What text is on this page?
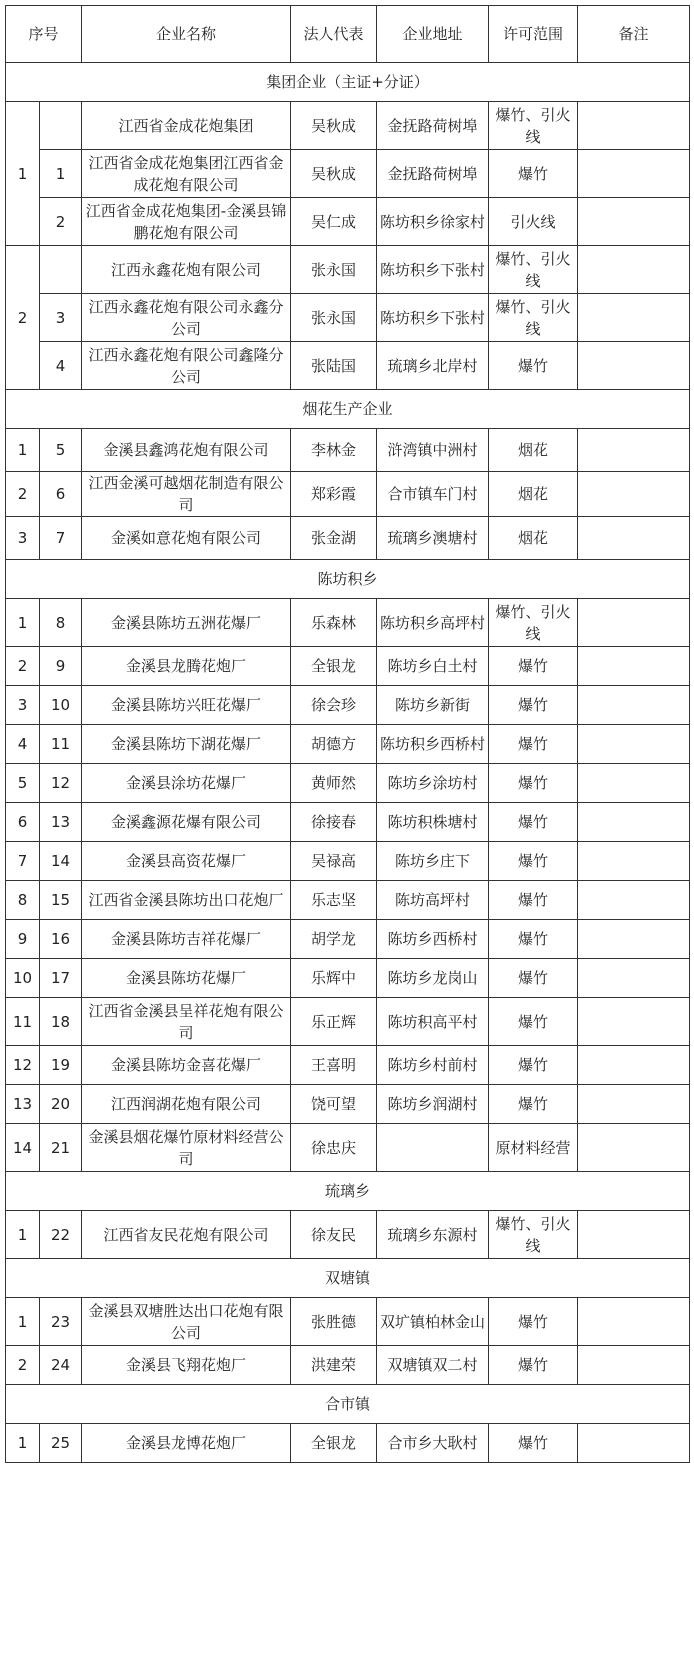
序号		企业名称	法人代表	企业地址	许可范围	备注
集团企业（主证+分证）						
1		江西省金成花炮集团	吴秋成	金抚路荷树埠	爆竹、引火线	
	1	江西省金成花炮集团江西省金成花炮有限公司	吴秋成	金抚路荷树埠	爆竹	
	2	江西省金成花炮集团-金溪县锦鹏花炮有限公司	吴仁成	陈坊积乡徐家村	引火线	
2		江西永鑫花炮有限公司	张永国	陈坊积乡下张村	爆竹、引火线	
	3	江西永鑫花炮有限公司永鑫分公司	张永国	陈坊积乡下张村	爆竹、引火线	
	4	江西永鑫花炮有限公司鑫隆分公司	张陆国	琉璃乡北岸村	爆竹	
烟花生产企业						
1	5	金溪县鑫鸿花炮有限公司	李林金	浒湾镇中洲村	烟花	
2	6	江西金溪可越烟花制造有限公司	郑彩霞	合市镇车门村	烟花	
3	7	金溪如意花炮有限公司	张金湖	琉璃乡澳塘村	烟花	
陈坊积乡						
1	8	金溪县陈坊五洲花爆厂	乐森林	陈坊积乡高坪村	爆竹、引火线	
2	9	金溪县龙腾花炮厂	全银龙	陈坊乡白土村	爆竹	
3	10	金溪县陈坊兴旺花爆厂	徐会珍	陈坊乡新街	爆竹	
4	11	金溪县陈坊下湖花爆厂	胡德方	陈坊积乡西桥村	爆竹	
5	12	金溪县涂坊花爆厂	黄师然	陈坊乡涂坊村	爆竹	
6	13	金溪鑫源花爆有限公司	徐接春	陈坊积株塘村	爆竹	
7	14	金溪县高资花爆厂	吴禄高	陈坊乡庄下	爆竹	
8	15	江西省金溪县陈坊出口花炮厂	乐志坚	陈坊高坪村	爆竹	
9	16	金溪县陈坊吉祥花爆厂	胡学龙	陈坊乡西桥村	爆竹	
10	17	金溪县陈坊花爆厂	乐辉中	陈坊乡龙岗山	爆竹	
11	18	江西省金溪县呈祥花炮有限公司	乐正辉	陈坊积高平村	爆竹	
12	19	金溪县陈坊金喜花爆厂	王喜明	陈坊乡村前村	爆竹	
13	20	江西润湖花炮有限公司	饶可望	陈坊乡润湖村	爆竹	
14	21	金溪县烟花爆竹原材料经营公司	徐忠庆		原材料经营	
琉璃乡						
1	22	江西省友民花炮有限公司	徐友民	琉璃乡东源村	爆竹、引火线	
双塘镇						
1	23	金溪县双塘胜达出口花炮有限公司	张胜德	双圹镇柏林金山	爆竹	
2	24	金溪县飞翔花炮厂	洪建荣	双塘镇双二村	爆竹	
合市镇						
1	25	金溪县龙博花炮厂	全银龙	合市乡大耿村	爆竹	
